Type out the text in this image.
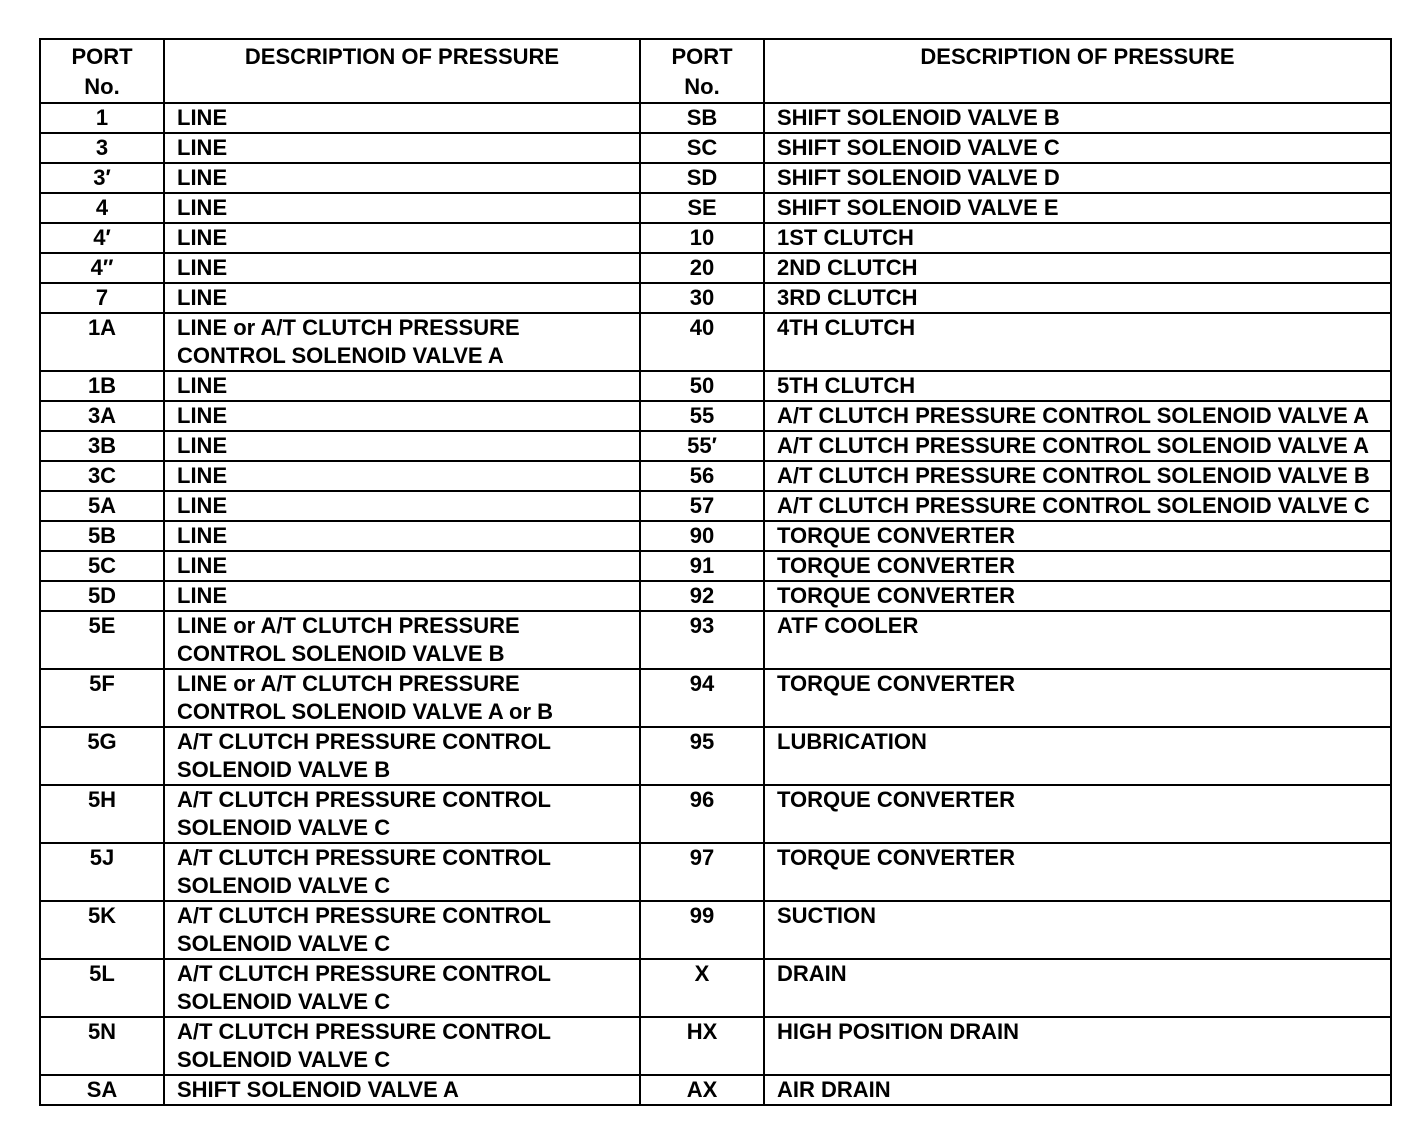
PORT
No.	DESCRIPTION OF PRESSURE	PORT
No.	DESCRIPTION OF PRESSURE
1	LINE	SB	SHIFT SOLENOID VALVE B

3	LINE	SC	SHIFT SOLENOID VALVE C

3′	LINE	SD	SHIFT SOLENOID VALVE D

4	LINE	SE	SHIFT SOLENOID VALVE E

4′	LINE	10	1ST CLUTCH

4″	LINE	20	2ND CLUTCH

7	LINE	30	3RD CLUTCH

1A	LINE or A/T CLUTCH PRESSURE
CONTROL SOLENOID VALVE A	40	4TH CLUTCH

1B	LINE	50	5TH CLUTCH

3A	LINE	55	A/T CLUTCH PRESSURE CONTROL SOLENOID VALVE A

3B	LINE	55′	A/T CLUTCH PRESSURE CONTROL SOLENOID VALVE A

3C	LINE	56	A/T CLUTCH PRESSURE CONTROL SOLENOID VALVE B

5A	LINE	57	A/T CLUTCH PRESSURE CONTROL SOLENOID VALVE C

5B	LINE	90	TORQUE CONVERTER

5C	LINE	91	TORQUE CONVERTER

5D	LINE	92	TORQUE CONVERTER

5E	LINE or A/T CLUTCH PRESSURE
CONTROL SOLENOID VALVE B	93	ATF COOLER

5F	LINE or A/T CLUTCH PRESSURE
CONTROL SOLENOID VALVE A or B	94	TORQUE CONVERTER

5G	A/T CLUTCH PRESSURE CONTROL
SOLENOID VALVE B	95	LUBRICATION

5H	A/T CLUTCH PRESSURE CONTROL
SOLENOID VALVE C	96	TORQUE CONVERTER

5J	A/T CLUTCH PRESSURE CONTROL
SOLENOID VALVE C	97	TORQUE CONVERTER

5K	A/T CLUTCH PRESSURE CONTROL
SOLENOID VALVE C	99	SUCTION

5L	A/T CLUTCH PRESSURE CONTROL
SOLENOID VALVE C	X	DRAIN

5N	A/T CLUTCH PRESSURE CONTROL
SOLENOID VALVE C	HX	HIGH POSITION DRAIN

SA	SHIFT SOLENOID VALVE A	AX	AIR DRAIN
